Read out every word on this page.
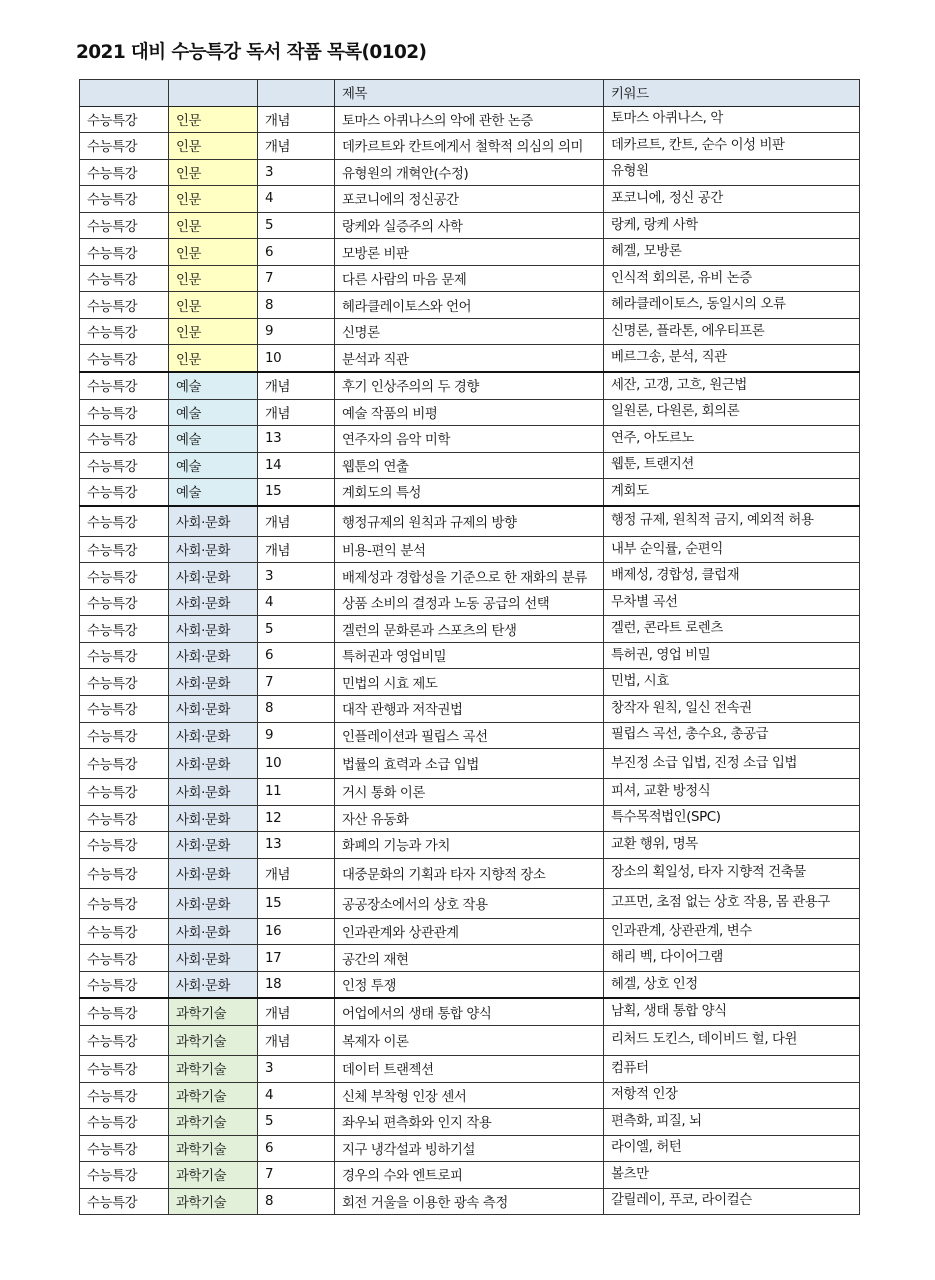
2021 대비 수능특강 독서 작품 목록(0102)
			제목	키워드
수능특강	인문	개념	토마스 아퀴나스의 악에 관한 논증	토마스 아퀴나스, 악
수능특강	인문	개념	데카르트와 칸트에게서 철학적 의심의 의미	데카르트, 칸트, 순수 이성 비판
수능특강	인문	3	유형원의 개혁안(수정)	유형원
수능특강	인문	4	포코니에의 정신공간	포코니에, 정신 공간
수능특강	인문	5	랑케와 실증주의 사학	랑케, 랑케 사학
수능특강	인문	6	모방론 비판	헤겔, 모방론
수능특강	인문	7	다른 사람의 마음 문제	인식적 회의론, 유비 논증
수능특강	인문	8	헤라클레이토스와 언어	헤라클레이토스, 동일시의 오류
수능특강	인문	9	신명론	신명론, 플라톤, 에우티프론
수능특강	인문	10	분석과 직관	베르그송, 분석, 직관
수능특강	예술	개념	후기 인상주의의 두 경향	세잔, 고갱, 고흐, 원근법
수능특강	예술	개념	예술 작품의 비평	일원론, 다원론, 회의론
수능특강	예술	13	연주자의 음악 미학	연주, 아도르노
수능특강	예술	14	웹툰의 연출	웹툰, 트랜지션
수능특강	예술	15	계회도의 특성	계회도
수능특강	사회·문화	개념	행정규제의 원칙과 규제의 방향	행정 규제, 원칙적 금지, 예외적 허용
수능특강	사회·문화	개념	비용-편익 분석	내부 순익률, 순편익
수능특강	사회·문화	3	배제성과 경합성을 기준으로 한 재화의 분류	배제성, 경합성, 클럽재
수능특강	사회·문화	4	상품 소비의 결정과 노동 공급의 선택	무차별 곡선
수능특강	사회·문화	5	겔런의 문화론과 스포츠의 탄생	겔런, 콘라트 로렌츠
수능특강	사회·문화	6	특허권과 영업비밀	특허권, 영업 비밀
수능특강	사회·문화	7	민법의 시효 제도	민법, 시효
수능특강	사회·문화	8	대작 관행과 저작권법	창작자 원칙, 일신 전속권
수능특강	사회·문화	9	인플레이션과 필립스 곡선	필립스 곡선, 총수요, 총공급
수능특강	사회·문화	10	법률의 효력과 소급 입법	부진정 소급 입법, 진정 소급 입법
수능특강	사회·문화	11	거시 통화 이론	피셔, 교환 방정식
수능특강	사회·문화	12	자산 유동화	특수목적법인(SPC)
수능특강	사회·문화	13	화폐의 기능과 가치	교환 행위, 명목
수능특강	사회·문화	개념	대중문화의 기획과 타자 지향적 장소	장소의 획일성, 타자 지향적 건축물
수능특강	사회·문화	15	공공장소에서의 상호 작용	고프먼, 초점 없는 상호 작용, 몸 관용구
수능특강	사회·문화	16	인과관계와 상관관계	인과관계, 상관관계, 변수
수능특강	사회·문화	17	공간의 재현	해리 벡, 다이어그램
수능특강	사회·문화	18	인정 투쟁	헤겔, 상호 인정
수능특강	과학기술	개념	어업에서의 생태 통합 양식	남획, 생태 통합 양식
수능특강	과학기술	개념	복제자 이론	리처드 도킨스, 데이비드 헐, 다윈
수능특강	과학기술	3	데이터 트랜젝션	컴퓨터
수능특강	과학기술	4	신체 부착형 인장 센서	저항적 인장
수능특강	과학기술	5	좌우뇌 편측화와 인지 작용	편측화, 피질, 뇌
수능특강	과학기술	6	지구 냉각설과 빙하기설	라이엘, 허턴
수능특강	과학기술	7	경우의 수와 엔트로피	볼츠만
수능특강	과학기술	8	회전 거울을 이용한 광속 측정	갈릴레이, 푸코, 라이컬슨
